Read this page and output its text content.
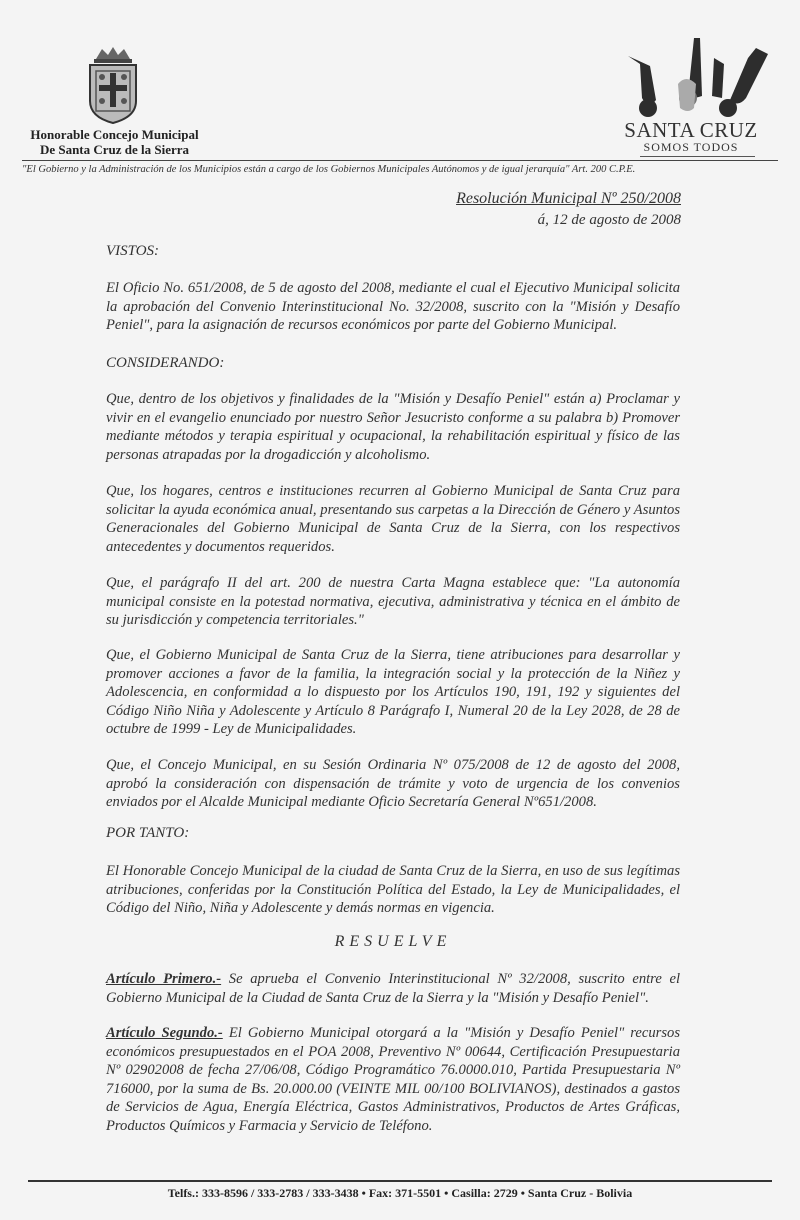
Honorable Concejo Municipal
De Santa Cruz de la Sierra
SANTA CRUZ
SOMOS TODOS
"El Gobierno y la Administración de los Municipios están a cargo de los Gobiernos Municipales Autónomos y de igual jerarquía" Art. 200 C.P.E.
Resolución Municipal Nº 250/2008
á, 12 de agosto de 2008
VISTOS:
El Oficio No. 651/2008, de 5 de agosto del 2008, mediante el cual el Ejecutivo Municipal solicita la aprobación del Convenio Interinstitucional No. 32/2008, suscrito con la "Misión y Desafío Peniel", para la asignación de recursos económicos por parte del Gobierno Municipal.
CONSIDERANDO:
Que, dentro de los objetivos y finalidades de la "Misión y Desafío Peniel" están a) Proclamar y vivir en el evangelio enunciado por nuestro Señor Jesucristo conforme a su palabra b) Promover mediante métodos y terapia espiritual y ocupacional, la rehabilitación espiritual y físico de las personas atrapadas por la drogadicción y alcoholismo.
Que, los hogares, centros e instituciones recurren al Gobierno Municipal de Santa Cruz para solicitar la ayuda económica anual, presentando sus carpetas a la Dirección de Género y Asuntos Generacionales del Gobierno Municipal de Santa Cruz de la Sierra, con los respectivos antecedentes y documentos requeridos.
Que, el parágrafo II del art. 200 de nuestra Carta Magna establece que: "La autonomía municipal consiste en la potestad normativa, ejecutiva, administrativa y técnica en el ámbito de su jurisdicción y competencia territoriales."
Que, el Gobierno Municipal de Santa Cruz de la Sierra, tiene atribuciones para desarrollar y promover acciones a favor de la familia, la integración social y la protección de la Niñez y Adolescencia, en conformidad a lo dispuesto por los Artículos 190, 191, 192 y siguientes del Código Niño Niña y Adolescente y Artículo 8 Parágrafo I, Numeral 20 de la Ley 2028, de 28 de octubre de 1999 - Ley de Municipalidades.
Que, el Concejo Municipal, en su Sesión Ordinaria Nº 075/2008 de 12 de agosto del 2008, aprobó la consideración con dispensación de trámite y voto de urgencia de los convenios enviados por el Alcalde Municipal mediante Oficio Secretaría General Nº651/2008.
POR TANTO:
El Honorable Concejo Municipal de la ciudad de Santa Cruz de la Sierra, en uso de sus legítimas atribuciones, conferidas por la Constitución Política del Estado, la Ley de Municipalidades, el Código del Niño, Niña y Adolescente y demás normas en vigencia.
RESUELVE
Artículo Primero.- Se aprueba el Convenio Interinstitucional Nº 32/2008, suscrito entre el Gobierno Municipal de la Ciudad de Santa Cruz de la Sierra y la "Misión y Desafío Peniel".
Artículo Segundo.- El Gobierno Municipal otorgará a la "Misión y Desafío Peniel" recursos económicos presupuestados en el POA 2008, Preventivo Nº 00644, Certificación Presupuestaria Nº 02902008 de fecha 27/06/08, Código Programático 76.0000.010, Partida Presupuestaria Nº 716000, por la suma de Bs. 20.000.00 (VEINTE MIL 00/100 BOLIVIANOS), destinados a gastos de Servicios de Agua, Energía Eléctrica, Gastos Administrativos, Productos de Artes Gráficas, Productos Químicos y Farmacia y Servicio de Teléfono.
Telfs.: 333-8596 / 333-2783 / 333-3438 • Fax: 371-5501 • Casilla: 2729 • Santa Cruz - Bolivia
